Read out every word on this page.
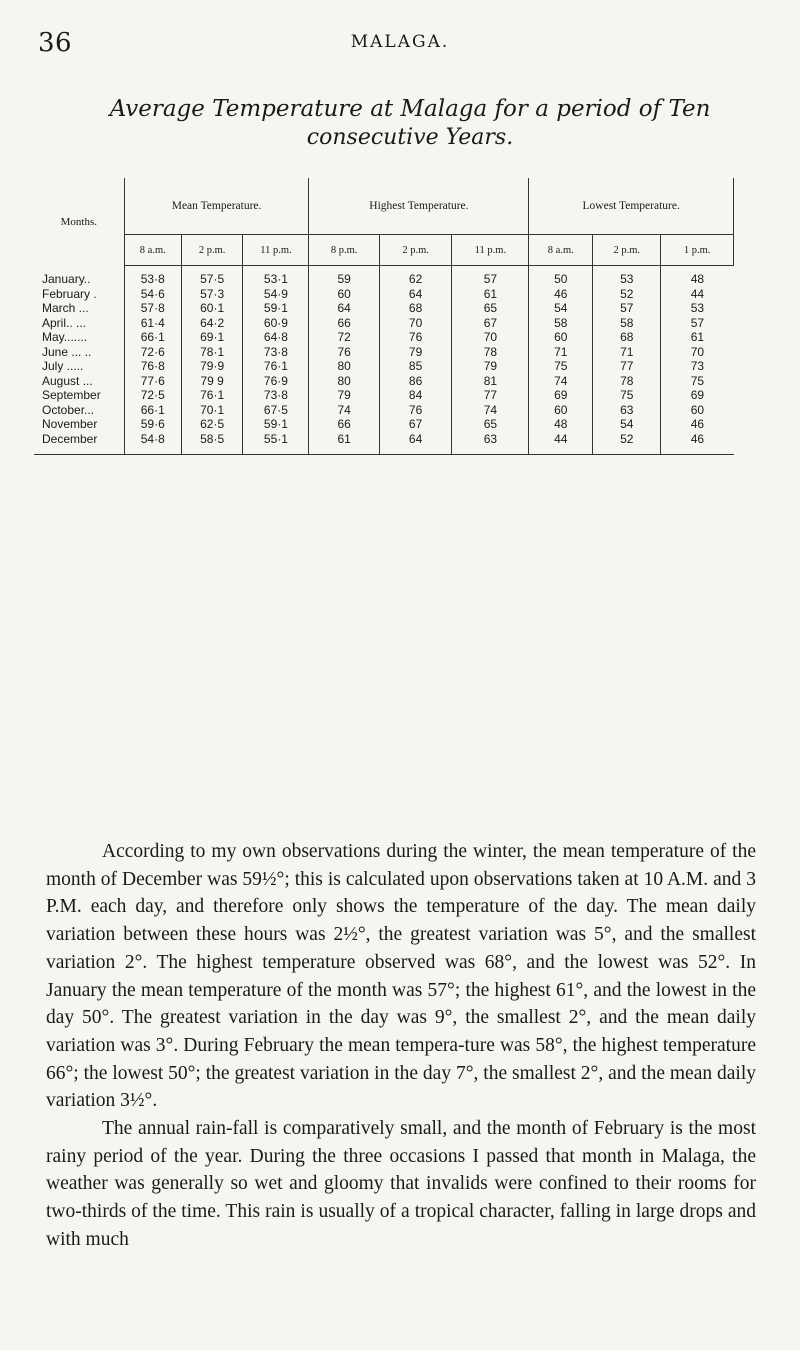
36	MALAGA.
Average Temperature at Malaga for a period of Ten
consecutive Years.
Months.	Mean Temperature.			Highest Temperature.			Lowest Temperature.		
	8 a.m.	2 p.m.	11 p.m.	8 p.m.	2 p.m.	11 p.m.	8 a.m.	2 p.m.	1 p.m.

January..	53·8	57·5	53·1	59	62	57	50	53	48
February .	54·6	57·3	54·9	60	64	61	46	52	44
March ...	57·8	60·1	59·1	64	68	65	54	57	53
April.. ...	61·4	64·2	60·9	66	70	67	58	58	57
May.......	66·1	69·1	64·8	72	76	70	60	68	61
June ... ..	72·6	78·1	73·8	76	79	78	71	71	70
July .....	76·8	79·9	76·1	80	85	79	75	77	73
August ...	77·6	79 9	76·9	80	86	81	74	78	75
September	72·5	76·1	73·8	79	84	77	69	75	69
October...	66·1	70·1	67·5	74	76	74	60	63	60
November	59·6	62·5	59·1	66	67	65	48	54	46
December	54·8	58·5	55·1	61	64	63	44	52	46

According to my own observations during the winter, the mean temperature of the month of December was 59½°; this is calculated upon observations taken at 10 A.M. and 3 P.M. each day, and therefore only shows the temperature of the day. The mean daily variation between these hours was 2½°, the greatest variation was 5°, and the smallest variation 2°. The highest temperature observed was 68°, and the lowest was 52°. In January the mean temperature of the month was 57°; the highest 61°, and the lowest in the day 50°. The greatest variation in the day was 9°, the smallest 2°, and the mean daily variation was 3°. During February the mean tempera-ture was 58°, the highest temperature 66°; the lowest 50°; the greatest variation in the day 7°, the smallest 2°, and the mean daily variation 3½°.

The annual rain-fall is comparatively small, and the month of February is the most rainy period of the year. During the three occasions I passed that month in Malaga, the weather was generally so wet and gloomy that invalids were confined to their rooms for two-thirds of the time. This rain is usually of a tropical character, falling in large drops and with much
